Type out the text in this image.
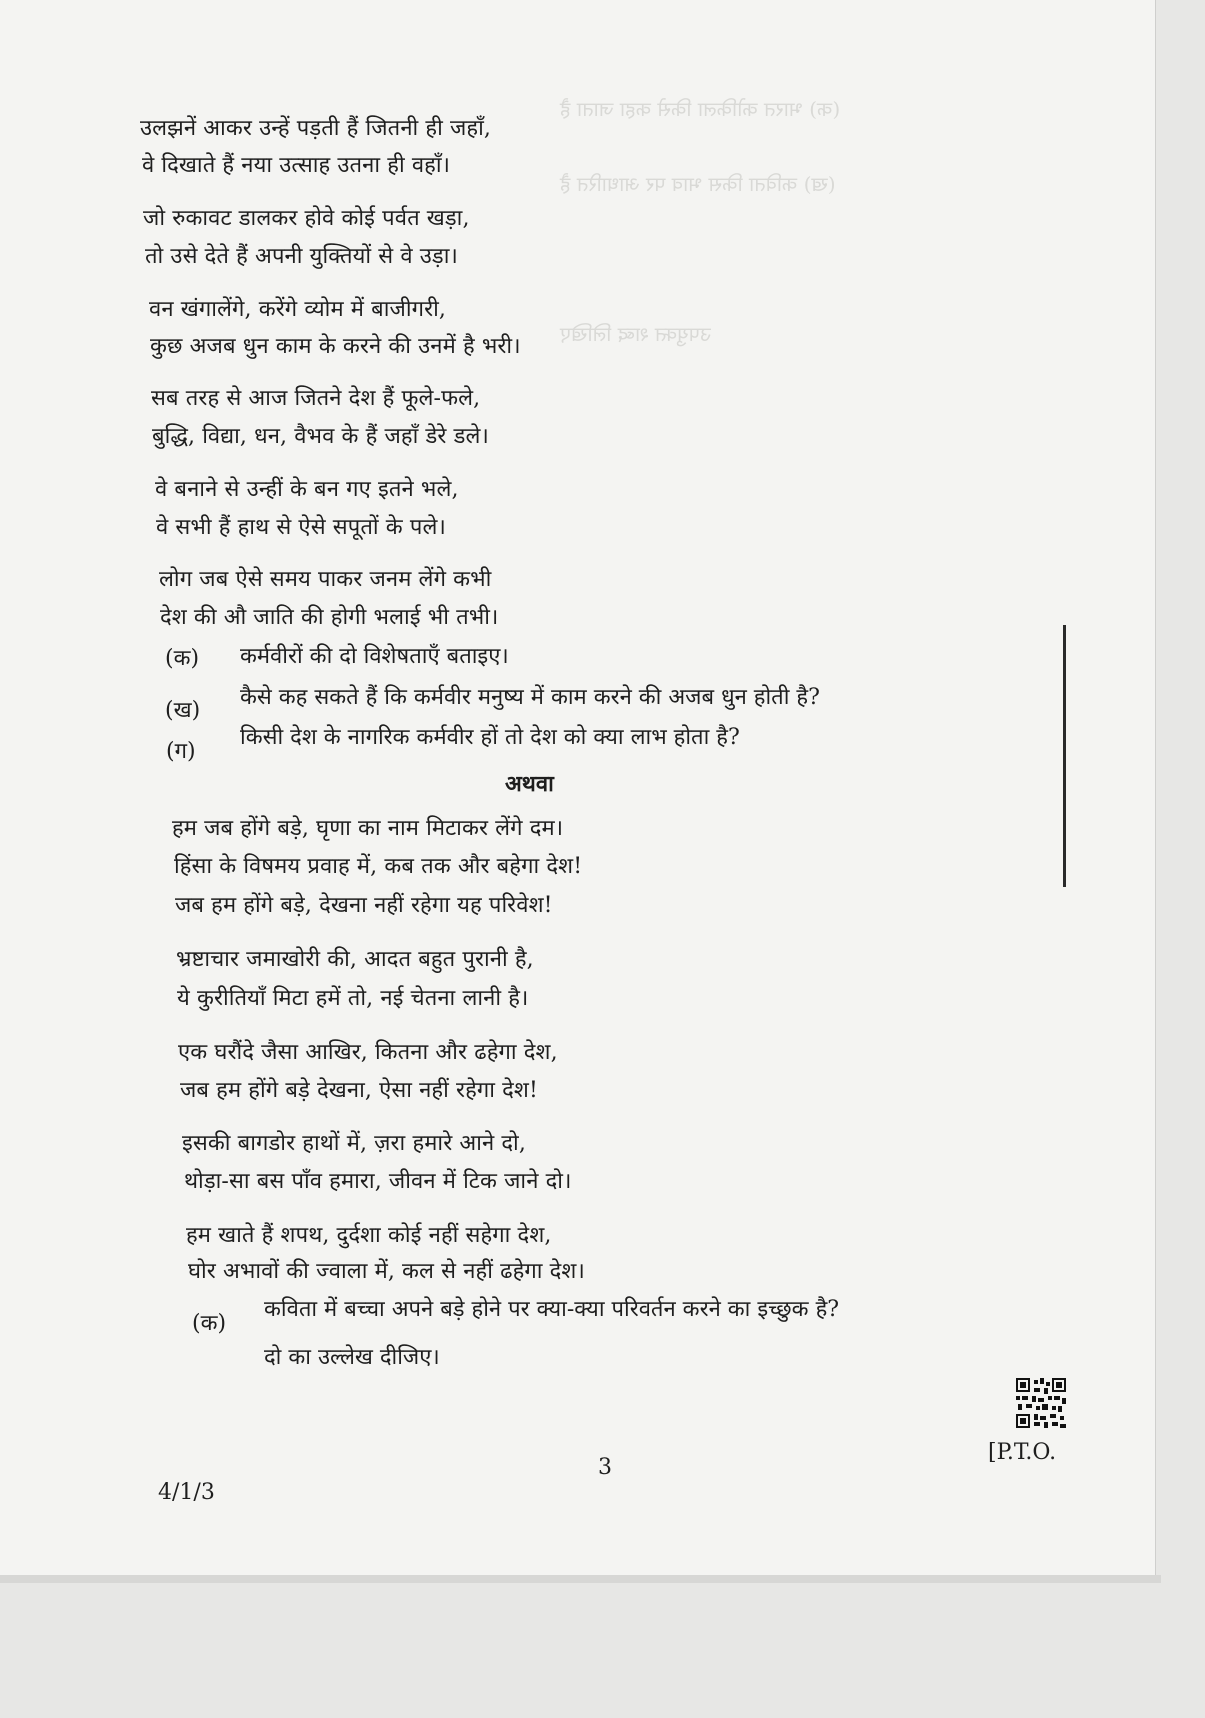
(क) भारत कोकिला किसे कहा जाता है
(ख) कविता किस भाव पर आधारित है
उपयुक्त शब्द लिखिए
उलझनें आकर उन्हें पड़ती हैं जितनी ही जहाँ,
वे दिखाते हैं नया उत्साह उतना ही वहाँ।
जो रुकावट डालकर होवे कोई पर्वत खड़ा,
तो उसे देते हैं अपनी युक्तियों से वे उड़ा।
वन खंगालेंगे, करेंगे व्योम में बाजीगरी,
कुछ अजब धुन काम के करने की उनमें है भरी।
सब तरह से आज जितने देश हैं फूले-फले,
बुद्धि, विद्या, धन, वैभव के हैं जहाँ डेरे डले।
वे बनाने से उन्हीं के बन गए इतने भले,
वे सभी हैं हाथ से ऐसे सपूतों के पले।
लोग जब ऐसे समय पाकर जनम लेंगे कभी
देश की औ जाति की होगी भलाई भी तभी।
(क) कर्मवीरों की दो विशेषताएँ बताइए।
(ख)
कैसे कह सकते हैं कि कर्मवीर मनुष्य में काम करने की अजब धुन होती है?
(ग)
किसी देश के नागरिक कर्मवीर हों तो देश को क्या लाभ होता है?
अथवा
हम जब होंगे बड़े, घृणा का नाम मिटाकर लेंगे दम।
हिंसा के विषमय प्रवाह में, कब तक और बहेगा देश!
जब हम होंगे बड़े, देखना नहीं रहेगा यह परिवेश!
भ्रष्टाचार जमाखोरी की, आदत बहुत पुरानी है,
ये कुरीतियाँ मिटा हमें तो, नई चेतना लानी है।
एक घरौंदे जैसा आखिर, कितना और ढहेगा देश,
जब हम होंगे बड़े देखना, ऐसा नहीं रहेगा देश!
इसकी बागडोर हाथों में, ज़रा हमारे आने दो,
थोड़ा-सा बस पाँव हमारा, जीवन में टिक जाने दो।
हम खाते हैं शपथ, दुर्दशा कोई नहीं सहेगा देश,
घोर अभावों की ज्वाला में, कल से नहीं ढहेगा देश।
(क)
कविता में बच्चा अपने बड़े होने पर क्या-क्या परिवर्तन करने का इच्छुक है?
दो का उल्लेख दीजिए।
[P.T.O.
3
4/1/3
